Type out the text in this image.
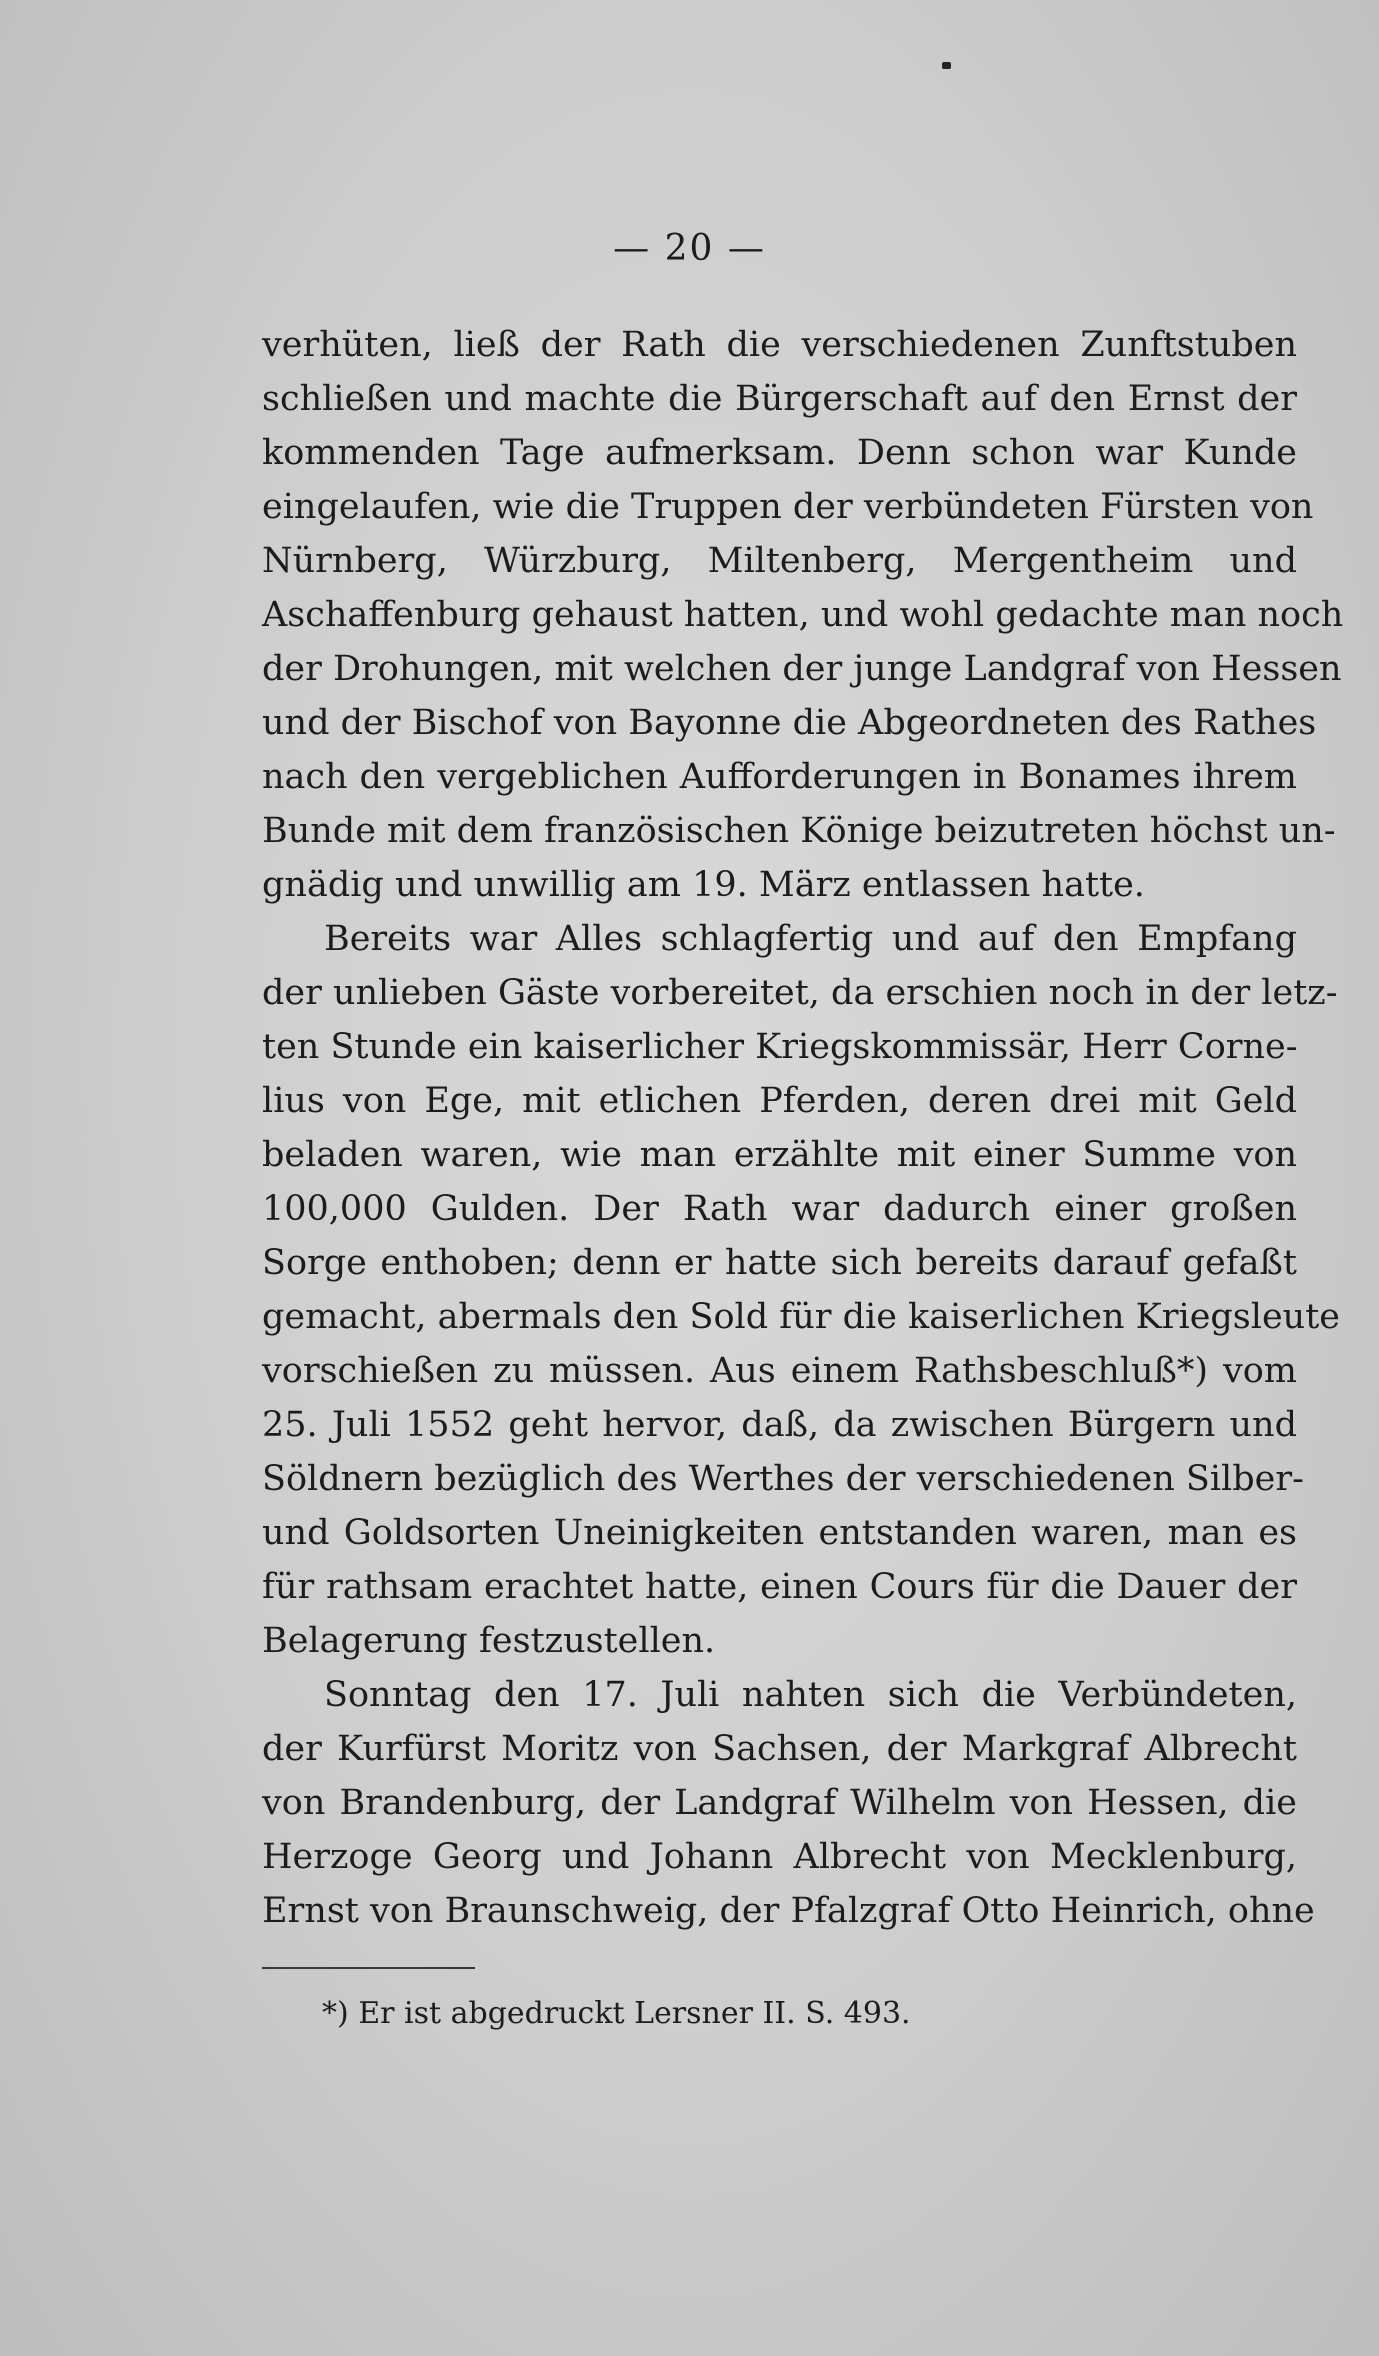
— 20 —
verhüten, ließ der Rath die verschiedenen Zunftstuben
schließen und machte die Bürgerschaft auf den Ernst der
kommenden Tage aufmerksam. Denn schon war Kunde
eingelaufen, wie die Truppen der verbündeten Fürsten von
Nürnberg, Würzburg, Miltenberg, Mergentheim und
Aschaffenburg gehaust hatten, und wohl gedachte man noch
der Drohungen, mit welchen der junge Landgraf von Hessen
und der Bischof von Bayonne die Abgeordneten des Rathes
nach den vergeblichen Aufforderungen in Bonames ihrem
Bunde mit dem französischen Könige beizutreten höchst un-
gnädig und unwillig am 19. März entlassen hatte.
Bereits war Alles schlagfertig und auf den Empfang
der unlieben Gäste vorbereitet, da erschien noch in der letz-
ten Stunde ein kaiserlicher Kriegskommissär, Herr Corne-
lius von Ege, mit etlichen Pferden, deren drei mit Geld
beladen waren, wie man erzählte mit einer Summe von
100,000 Gulden. Der Rath war dadurch einer großen
Sorge enthoben; denn er hatte sich bereits darauf gefaßt
gemacht, abermals den Sold für die kaiserlichen Kriegsleute
vorschießen zu müssen. Aus einem Rathsbeschluß*) vom
25. Juli 1552 geht hervor, daß, da zwischen Bürgern und
Söldnern bezüglich des Werthes der verschiedenen Silber-
und Goldsorten Uneinigkeiten entstanden waren, man es
für rathsam erachtet hatte, einen Cours für die Dauer der
Belagerung festzustellen.
Sonntag den 17. Juli nahten sich die Verbündeten,
der Kurfürst Moritz von Sachsen, der Markgraf Albrecht
von Brandenburg, der Landgraf Wilhelm von Hessen, die
Herzoge Georg und Johann Albrecht von Mecklenburg,
Ernst von Braunschweig, der Pfalzgraf Otto Heinrich, ohne
*) Er ist abgedruckt Lersner II. S. 493.
